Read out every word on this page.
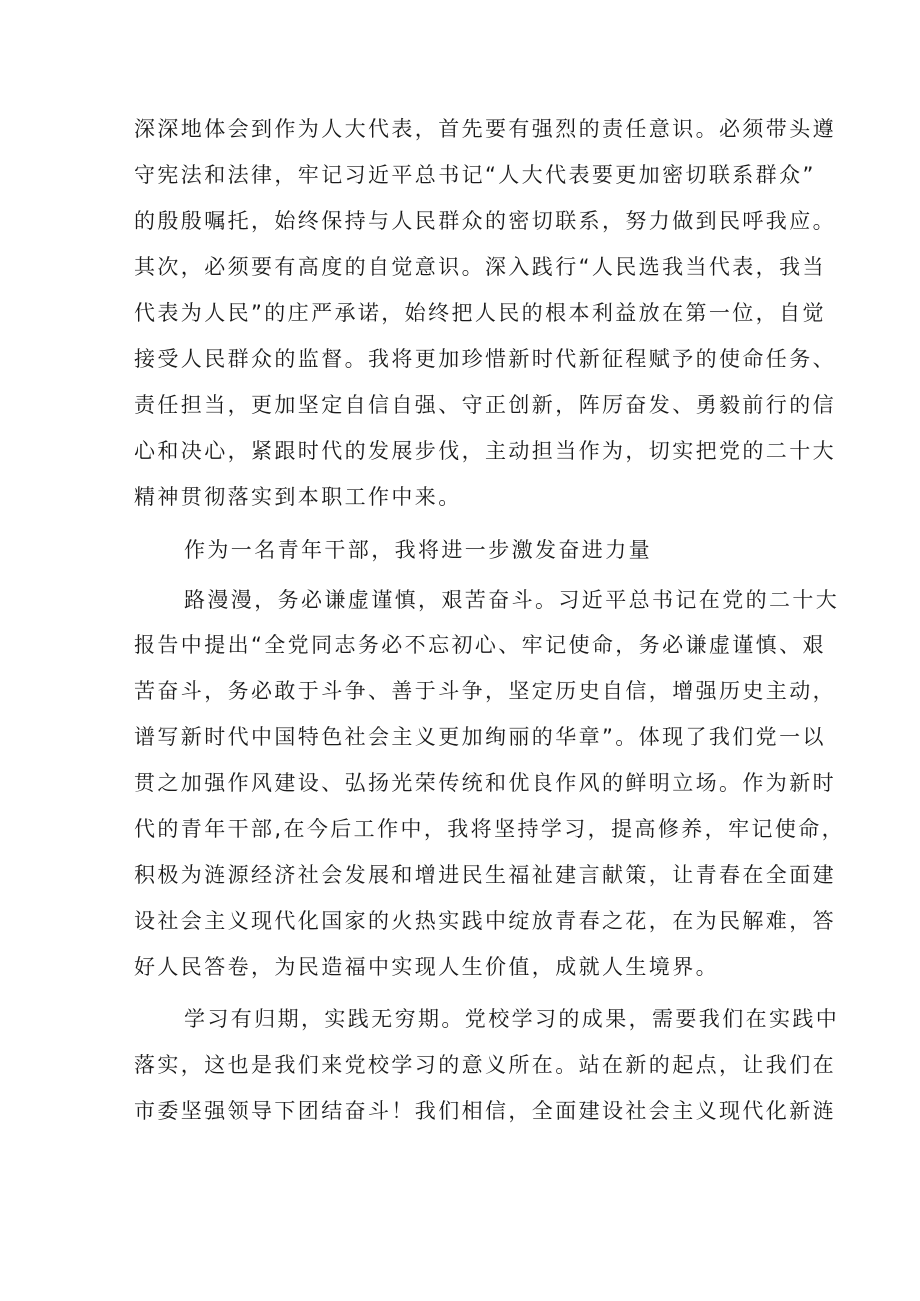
深深地体会到作为人大代表，首先要有强烈的责任意识。必须带头遵
守宪法和法律，牢记习近平总书记“人大代表要更加密切联系群众”
的殷殷嘱托，始终保持与人民群众的密切联系，努力做到民呼我应。
其次，必须要有高度的自觉意识。深入践行“人民选我当代表，我当
代表为人民”的庄严承诺，始终把人民的根本利益放在第一位，自觉
接受人民群众的监督。我将更加珍惜新时代新征程赋予的使命任务、
责任担当，更加坚定自信自强、守正创新，阵厉奋发、勇毅前行的信
心和决心，紧跟时代的发展步伐，主动担当作为，切实把党的二十大
精神贯彻落实到本职工作中来。
作为一名青年干部，我将进一步激发奋进力量
路漫漫，务必谦虚谨慎，艰苦奋斗。习近平总书记在党的二十大
报告中提出“全党同志务必不忘初心、牢记使命，务必谦虚谨慎、艰
苦奋斗，务必敢于斗争、善于斗争，坚定历史自信，增强历史主动，
谱写新时代中国特色社会主义更加绚丽的华章”。体现了我们党一以
贯之加强作风建设、弘扬光荣传统和优良作风的鲜明立场。作为新时
代的青年干部,在今后工作中，我将坚持学习，提高修养，牢记使命，
积极为涟源经济社会发展和增进民生福祉建言献策，让青春在全面建
设社会主义现代化国家的火热实践中绽放青春之花，在为民解难，答
好人民答卷，为民造福中实现人生价值，成就人生境界。
学习有归期，实践无穷期。党校学习的成果，需要我们在实践中
落实，这也是我们来党校学习的意义所在。站在新的起点，让我们在
市委坚强领导下团结奋斗！我们相信，全面建设社会主义现代化新涟
